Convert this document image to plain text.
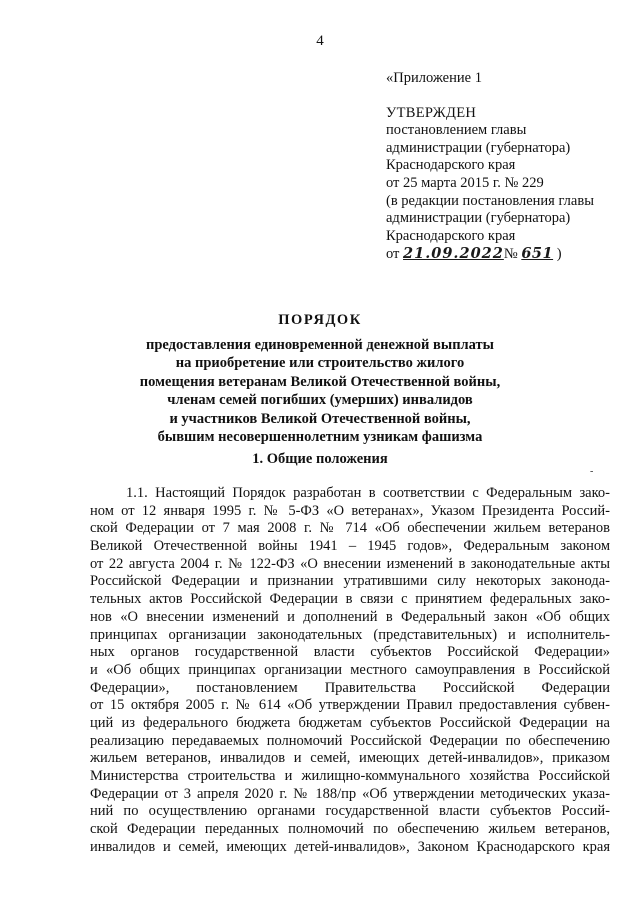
4
«Приложение 1
УТВЕРЖДЕН
постановлением главы
администрации (губернатора)
Краснодарского края
от 25 марта 2015 г. № 229
(в редакции постановления главы
администрации (губернатора)
Краснодарского края
от 21.09.2022№ 651 )
ПОРЯДОК
предоставления единовременной денежной выплаты
на приобретение или строительство жилого
помещения ветеранам Великой Отечественной войны,
членам семей погибших (умерших) инвалидов
и участников Великой Отечественной войны,
бывшим несовершеннолетним узникам фашизма
1. Общие положения
-
1.1. Настоящий Порядок разработан в соответствии с Федеральным зако-
ном от 12 января 1995 г. № 5-ФЗ «О ветеранах», Указом Президента Россий-
ской Федерации от 7 мая 2008 г. № 714 «Об обеспечении жильем ветеранов
Великой Отечественной войны 1941 – 1945 годов», Федеральным законом
от 22 августа 2004 г. № 122-ФЗ «О внесении изменений в законодательные акты
Российской Федерации и признании утратившими силу некоторых законода-
тельных актов Российской Федерации в связи с принятием федеральных зако-
нов «О внесении изменений и дополнений в Федеральный закон «Об общих
принципах организации законодательных (представительных) и исполнитель-
ных органов государственной власти субъектов Российской Федерации»
и «Об общих принципах организации местного самоуправления в Российской
Федерации», постановлением Правительства Российской Федерации
от 15 октября 2005 г. № 614 «Об утверждении Правил предоставления субвен-
ций из федерального бюджета бюджетам субъектов Российской Федерации на
реализацию передаваемых полномочий Российской Федерации по обеспечению
жильем ветеранов, инвалидов и семей, имеющих детей-инвалидов», приказом
Министерства строительства и жилищно-коммунального хозяйства Российской
Федерации от 3 апреля 2020 г. № 188/пр «Об утверждении методических указа-
ний по осуществлению органами государственной власти субъектов Россий-
ской Федерации переданных полномочий по обеспечению жильем ветеранов,
инвалидов и семей, имеющих детей-инвалидов», Законом Краснодарского края
